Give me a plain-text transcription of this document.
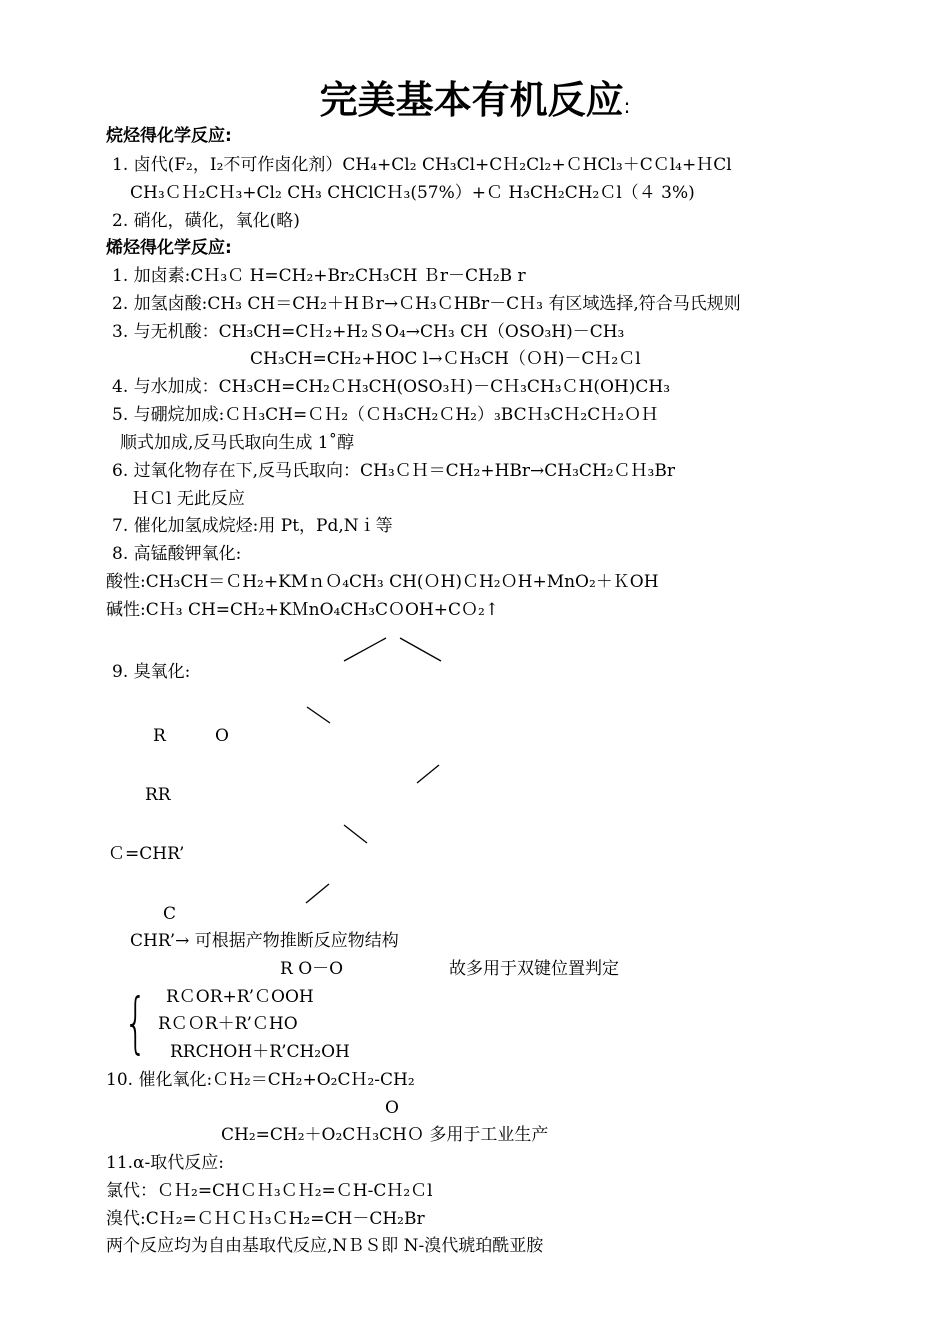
完美基本有机反应:
烷烃得化学反应:
1. 卤代(F₂，I₂不可作卤化剂）CH₄+Cl₂ CH₃Cl+CＨ₂Cl₂+ＣHCl₃＋CＣl₄+ＨCl
CH₃ＣＨ₂CＨ₃+Cl₂ CH₃ CHClCＨ₃(57%）+Ｃ H₃CH₂CH₂Ｃl（４ 3%)
2. 硝化，磺化，氧化(略)
烯烃得化学反应:
1. 加卤素:CＨ₃Ｃ H=CH₂+Br₂CH₃CH Ｂr－CH₂B r
2. 加氢卤酸:CH₃ CH＝CH₂＋HＢr→ＣH₃ＣHBr－CＨ₃ 有区域选择,符合马氏规则
3. 与无机酸：CH₃CH=CＨ₂+H₂ＳO₄→CH₃ CH（OSO₃H)－CH₃
CH₃CH=CH₂+HOC l→ＣH₃CH（ＯH)－CＨ₂Ｃl
4. 与水加成：CH₃CH=CH₂ＣH₃CH(OSO₃Ｈ)－CＨ₃CH₃ＣH(OH)CH₃
5. 与硼烷加成:ＣＨ₃CH=ＣＨ₂（ＣH₃CH₂ＣH₂）₃BCＨ₃CＨ₂CＨ₂ＯＨ
顺式加成,反马氏取向生成 1˚醇
6. 过氧化物存在下,反马氏取向：CH₃ＣＨ＝CH₂+HBr→CH₃CH₂ＣＨ₃Br
ＨＣl 无此反应
7. 催化加氢成烷烃:用 Pt，Pd,Nｉ等
8. 高锰酸钾氧化:
酸性:CH₃CH＝ＣH₂+KMｎＯ₄CH₃ CH(ＯH)ＣH₂ＯH+MnO₂＋ＫOH
碱性:CＨ₃ CH=CH₂+KＭnO₄CH₃CＯOH+CＯ₂↑
9. 臭氧化:
R	O
RR
Ｃ=CHR’
C
CHR’→ 可根据产物推断反应物结构
R O－O	故多用于双键位置判定
{ RＣOR+R’ＣOOH
RＣＯR＋R’ＣHO
RRCHOH＋R’CH₂OH
10. 催化氧化:ＣH₂＝CH₂+O₂CＨ₂-CH₂
O
CH₂=CH₂＋O₂CＨ₃CHＯ 多用于工业生产
11.α-取代反应:
氯代：ＣＨ₂=CHＣＨ₃ＣＨ₂=ＣH-CＨ₂Ｃl
溴代:CＨ₂=ＣＨＣＨ₃ＣH₂=CH－CH₂Br
两个反应均为自由基取代反应,NＢＳ即 N-溴代琥珀酰亚胺
